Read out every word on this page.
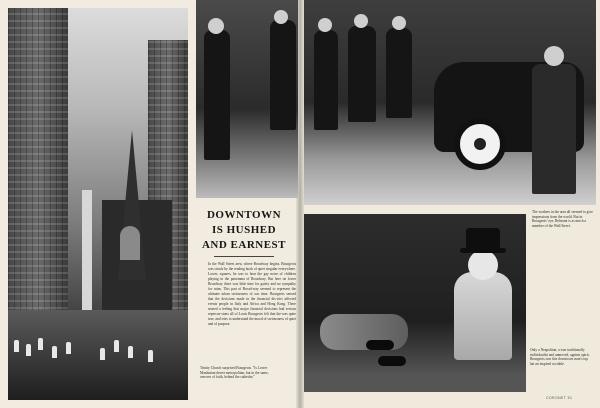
DOWNTOWN
IS HUSHED
AND EARNEST

In the Wall Street area, where Broadway begins, Bourgeois was struck by the reading book of quiet singular everywhere. Lower, squares, he was to hear the gay noise of children playing in the panorama of Broadway. But here on lower Broadway there was little time for gaiety and no sympathy for ruins. This part of Broad-way seemed to represent the ultimate urban seriousness of our time. Bourgeois sensed that the decisions made in the financial dis-trict affected events people in Italy and Africa and Hong Kong. There sensed a feeling that major financial decisions had serious repercus-sions all of Louis Bourgeois felt that the-was quite true, and tries to understand the mood of seriousness of quiet and of purpose.

Trinity Church surprised Bourgeois. "Is Lower Manhattan desert metropolitan, but in the same, oeuvres of faith, behind the cathedra."

The workers in the area all seemed to give impressions from the world. But in Bourgeois' eye, Belmont is as much a member of the Wall Street.

Only a Neapolitan, a true traditionally individualist and unmoved, against spirit, Bourgeois saw this downtown man's top hat an inspired sociable.

CORONET 51
